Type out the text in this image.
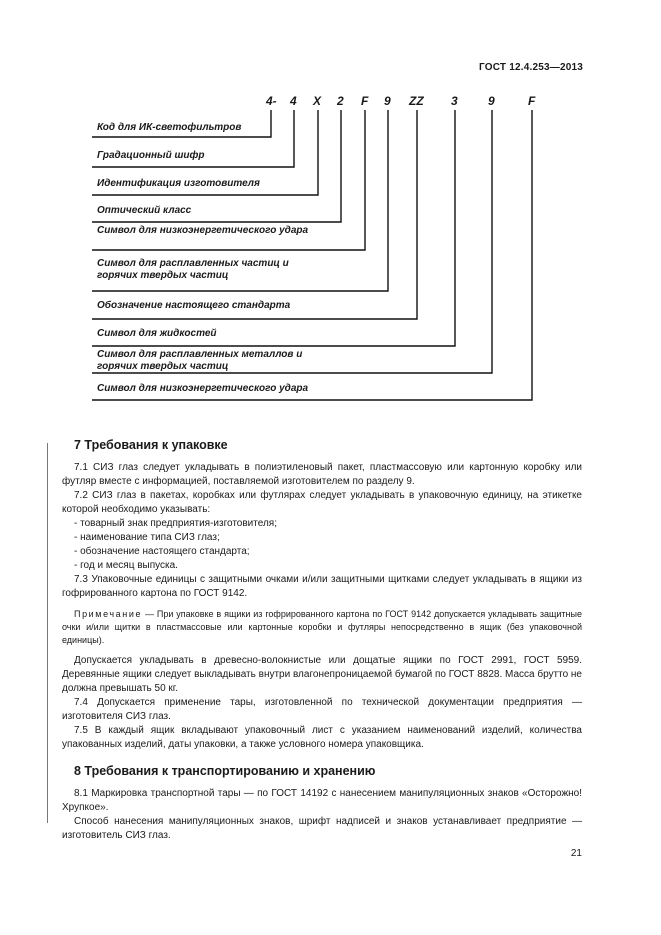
ГОСТ 12.4.253—2013
4- 4 X 2 F 9 ZZ 3	9	F
Код для ИК-светофильтров
Градационный шифр
Идентификация изготовителя
Оптический класс
Символ для низкоэнергетического удара
Символ для расплавленных частиц и горячих твердых частиц
Обозначение настоящего стандарта
Символ для жидкостей
Символ для расплавленных металлов и горячих твердых частиц
Символ для низкоэнергетического удара
7 Требования к упаковке

7.1 СИЗ глаз следует укладывать в полиэтиленовый пакет, пластмассовую или картонную коробку или футляр вместе с информацией, поставляемой изготовителем по разделу 9.

7.2 СИЗ глаз в пакетах, коробках или футлярах следует укладывать в упаковочную единицу, на этикетке которой необходимо указывать:

- товарный знак предприятия-изготовителя;

- наименование типа СИЗ глаз;

- обозначение настоящего стандарта;

- год и месяц выпуска.

7.3 Упаковочные единицы с защитными очками и/или защитными щитками следует укладывать в ящики из гофрированного картона по ГОСТ 9142.

Примечание — При упаковке в ящики из гофрированного картона по ГОСТ 9142 допускается укладывать защитные очки и/или щитки в пластмассовые или картонные коробки и футляры непосредственно в ящик (без упаковочной единицы).

Допускается укладывать в древесно-волокнистые или дощатые ящики по ГОСТ 2991, ГОСТ 5959. Деревянные ящики следует выкладывать внутри влагонепроницаемой бумагой по ГОСТ 8828. Масса брутто не должна превышать 50 кг.

7.4 Допускается применение тары, изготовленной по технической документации предприятия — изготовителя СИЗ глаз.

7.5 В каждый ящик вкладывают упаковочный лист с указанием наименований изделий, количества упакованных изделий, даты упаковки, а также условного номера упаковщика.

8 Требования к транспортированию и хранению

8.1 Маркировка транспортной тары — по ГОСТ 14192 с нанесением манипуляционных знаков «Осторожно! Хрупкое».

Способ нанесения манипуляционных знаков, шрифт надписей и знаков устанавливает предприятие — изготовитель СИЗ глаз.

21
